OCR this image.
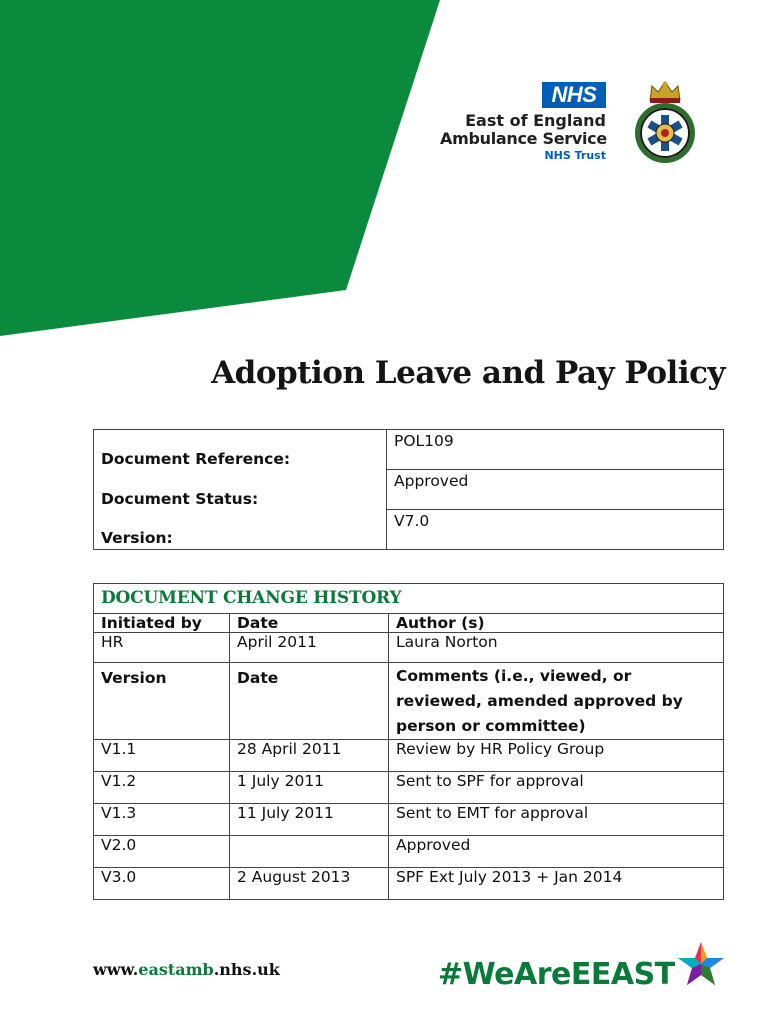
NHS
East of England
Ambulance Service
NHS Trust
Adoption Leave and Pay Policy
Document Reference:	POL109
Document Status:	Approved
Version:	V7.0
DOCUMENT CHANGE HISTORY		
Initiated by	Date	Author (s)
HR	April 2011	Laura Norton
Version	Date	Comments (i.e., viewed, or reviewed, amended approved by person or committee)
V1.1	28 April 2011	Review by HR Policy Group
V1.2	1 July 2011	Sent to SPF for approval
V1.3	11 July 2011	Sent to EMT for approval
V2.0		Approved
V3.0	2 August 2013	SPF Ext July 2013 + Jan 2014
www.eastamb.nhs.uk	#WeAreEEAST
